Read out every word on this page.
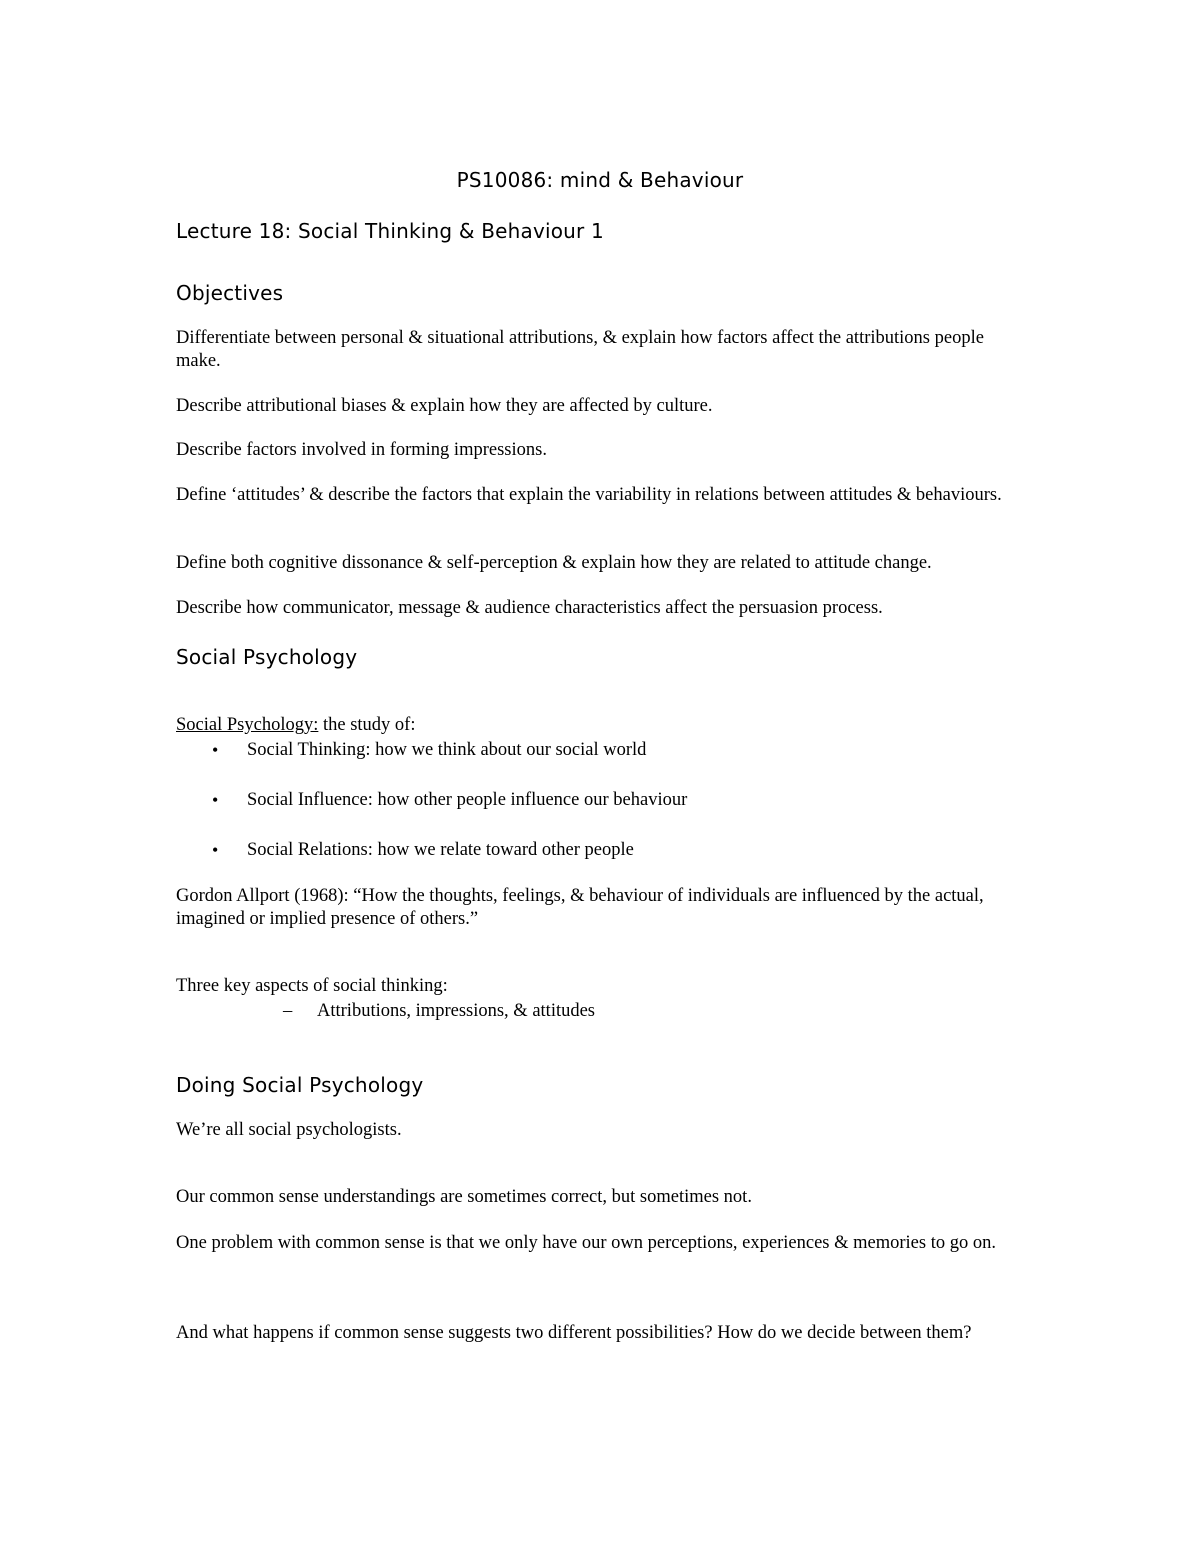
PS10086: mind & Behaviour
Lecture 18: Social Thinking & Behaviour 1
Objectives

Differentiate between personal & situational attributions, & explain how factors affect the attributions people make.

Describe attributional biases & explain how they are affected by culture.

Describe factors involved in forming impressions.

Define ‘attitudes’ & describe the factors that explain the variability in relations between attitudes & behaviours.

Define both cognitive dissonance & self-perception & explain how they are related to attitude change.

Describe how communicator, message & audience characteristics affect the persuasion process.

Social Psychology

Social Psychology: the study of:

• Social Thinking: how we think about our social world

• Social Influence: how other people influence our behaviour

• Social Relations: how we relate toward other people

Gordon Allport (1968): “How the thoughts, feelings, & behaviour of individuals are influenced by the actual, imagined or implied presence of others.”

Three key aspects of social thinking:

– Attributions, impressions, & attitudes

Doing Social Psychology

We’re all social psychologists.

Our common sense understandings are sometimes correct, but sometimes not.

One problem with common sense is that we only have our own perceptions, experiences & memories to go on.

And what happens if common sense suggests two different possibilities? How do we decide between them?
